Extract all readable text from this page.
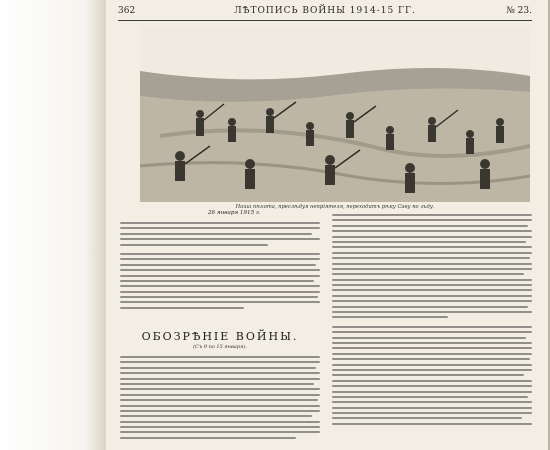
362	ЛѢТОПИСЬ ВОЙНЫ 1914-15 ГГ.	№ 23.
Наша пѣхота, преслѣдуя непріятеля, переходитъ рѣку Саву по льду.
26 января 1915 г.
ОБОЗРѢНІЕ ВОЙНЫ.
(Съ 9 по 15 января).
